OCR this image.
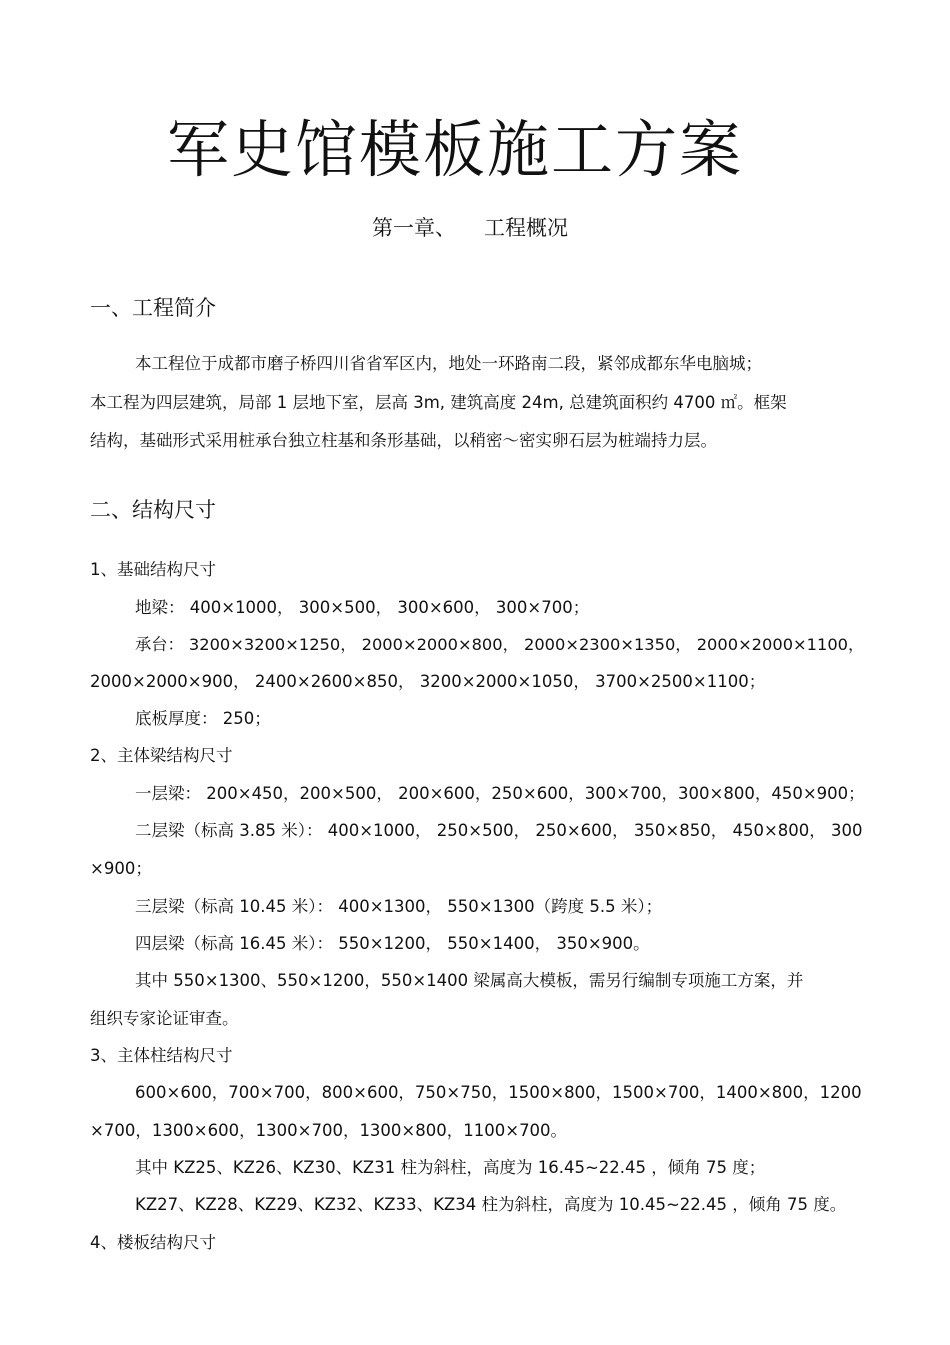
军史馆模板施工方案
第一章、 工程概况
一、工程简介
本工程位于成都市磨子桥四川省省军区内，地处一环路南二段，紧邻成都东华电脑城；
本工程为四层建筑，局部 1 层地下室，层高 3m, 建筑高度 24m, 总建筑面积约 4700 ㎡。框架
结构，基础形式采用桩承台独立柱基和条形基础，以稍密～密实卵石层为桩端持力层。
二、结构尺寸
1、基础结构尺寸
地梁： 400×1000， 300×500， 300×600， 300×700；
承台： 3200×3200×1250， 2000×2000×800， 2000×2300×1350， 2000×2000×1100，
2000×2000×900， 2400×2600×850， 3200×2000×1050， 3700×2500×1100；
底板厚度： 250；
2、主体梁结构尺寸
一层梁： 200×450，200×500， 200×600，250×600，300×700，300×800，450×900；
二层梁（标高 3.85 米）： 400×1000， 250×500， 250×600， 350×850， 450×800， 300
×900；
三层梁（标高 10.45 米）： 400×1300， 550×1300（跨度 5.5 米）；
四层梁（标高 16.45 米）： 550×1200， 550×1400， 350×900。
其中 550×1300、550×1200，550×1400 梁属高大模板，需另行编制专项施工方案，并
组织专家论证审查。
3、主体柱结构尺寸
600×600，700×700，800×600，750×750，1500×800，1500×700，1400×800，1200
×700，1300×600，1300×700，1300×800，1100×700。
其中 KZ25、KZ26、KZ30、KZ31 柱为斜柱，高度为 16.45~22.45 ，倾角 75 度；
KZ27、KZ28、KZ29、KZ32、KZ33、KZ34 柱为斜柱，高度为 10.45~22.45 ，倾角 75 度。
4、楼板结构尺寸
